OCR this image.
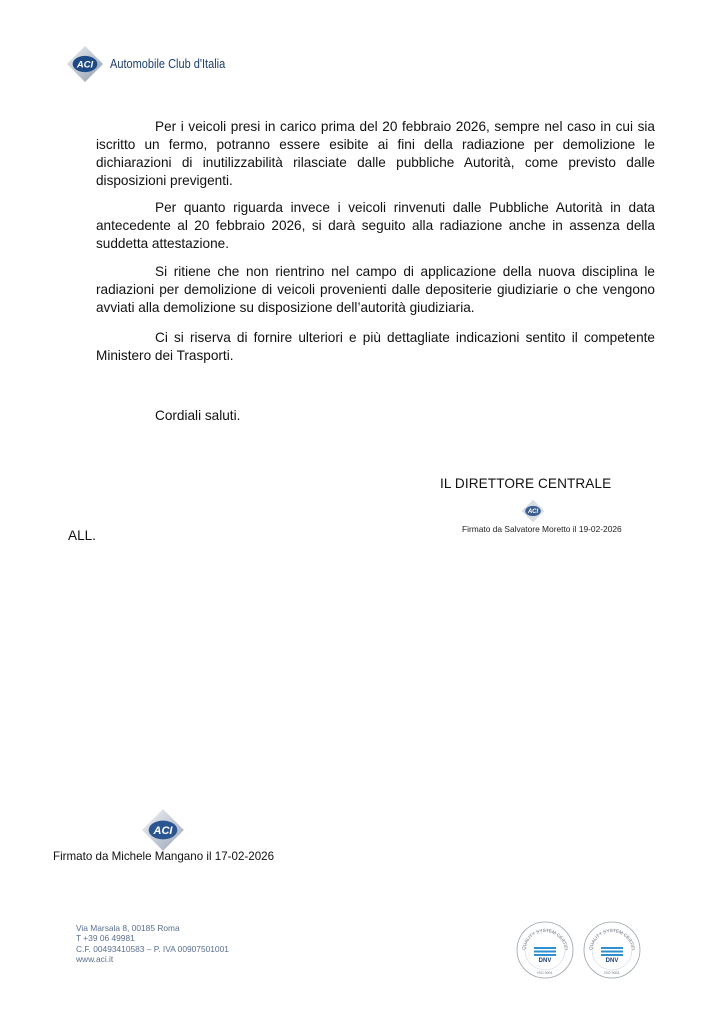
ACI Automobile Club d'Italia

Per i veicoli presi in carico prima del 20 febbraio 2026, sempre nel caso in cui sia iscritto un fermo, potranno essere esibite ai fini della radiazione per demolizione le dichiarazioni di inutilizzabilità rilasciate dalle pubbliche Autorità, come previsto dalle disposizioni previgenti.

Per quanto riguarda invece i veicoli rinvenuti dalle Pubbliche Autorità in data antecedente al 20 febbraio 2026, si darà seguito alla radiazione anche in assenza della suddetta attestazione.

Si ritiene che non rientrino nel campo di applicazione della nuova disciplina le radiazioni per demolizione di veicoli provenienti dalle depositerie giudiziarie o che vengono avviati alla demolizione su disposizione dell’autorità giudiziaria.

Ci si riserva di fornire ulteriori e più dettagliate indicazioni sentito il competente Ministero dei Trasporti.

Cordiali saluti.
IL DIRETTORE CENTRALE
ACI
Firmato da Salvatore Moretto il 19-02-2026
ALL.
ACI
Firmato da Michele Mangano il 17-02-2026
Via Marsala 8, 00185 Roma
T +39 06 49981
C.F. 00493410583 – P. IVA 00907501001
www.aci.it
QUALITY SYSTEM CERTIFI
DNV
ISO 9001
QUALITY SYSTEM CERTIFI
DNV
ISO 9001
